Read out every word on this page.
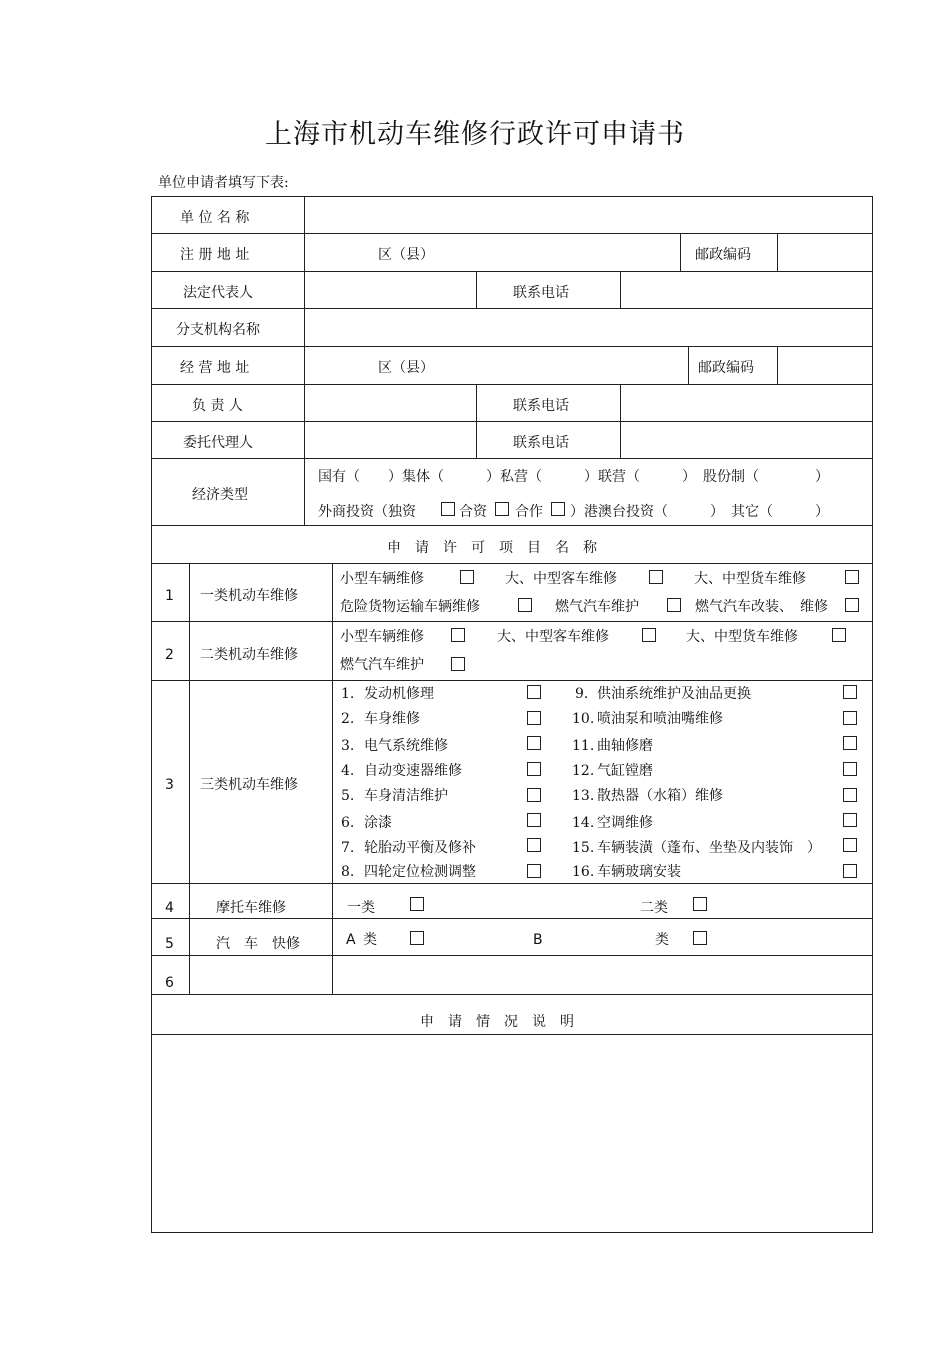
上海市机动车维修行政许可申请书
单位申请者填写下表:
单 位 名 称
注 册 地 址	区（县）	邮政编码
法定代表人	联系电话
分支机构名称
经 营 地 址	区（县）	邮政编码
负 责 人	联系电话
委托代理人	联系电话
经济类型
国有（　　）集体（　　　）私营（　　　）联营（　　　）　股份制（　　　　）
外商投资（独资	合资 合作 ）港澳台投资（　　　）　其它（　　　）
申　请　许　可　项　目　名　称
1 一类机动车维修
小型车辆维修	大、中型客车维修	大、中型货车维修
危险货物运输车辆维修	燃气汽车维护	燃气汽车改装、　维修
2 二类机动车维修
小型车辆维修	大、中型客车维修	大、中型货车维修
燃气汽车维护
3 三类机动车维修
1. 发动机修理
2. 车身维修
3. 电气系统维修
4. 自动变速器维修
5. 车身清洁维护
6. 涂漆
7. 轮胎动平衡及修补
8. 四轮定位检测调整
9. 供油系统维护及油品更换
10. 喷油泵和喷油嘴维修
11. 曲轴修磨
12. 气缸镗磨
13. 散热器（水箱）维修
14. 空调维修
15. 车辆装潢（蓬布、坐垫及内装饰　）
16. 车辆玻璃安装
4	摩托车维修	一类	二类
5	汽　车　快修	A 类	B	类
6
申　请　情　况　说　明
